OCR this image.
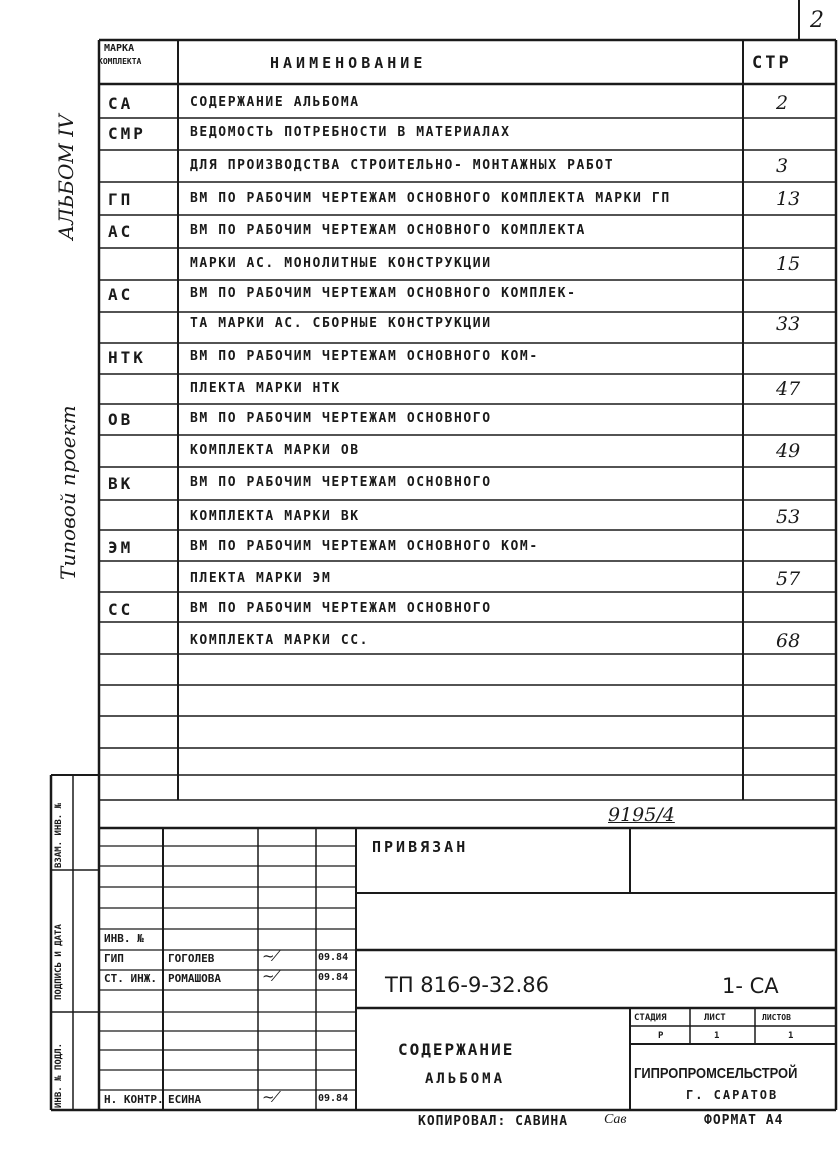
2
МАРКА
КОМПЛЕКТА	НАИМЕНОВАНИЕ	СТР
АЛЬБОМ IV
Типовой проект
СА	СОДЕРЖАНИЕ АЛЬБОМА	2
СМР	ВЕДОМОСТЬ ПОТРЕБНОСТИ В МАТЕРИАЛАХ
ДЛЯ ПРОИЗВОДСТВА СТРОИТЕЛЬНО- МОНТАЖНЫХ РАБОТ	3
ГП	ВМ ПО РАБОЧИМ ЧЕРТЕЖАМ ОСНОВНОГО КОМПЛЕКТА МАРКИ ГП	13
АС	ВМ ПО РАБОЧИМ ЧЕРТЕЖАМ ОСНОВНОГО КОМПЛЕКТА
МАРКИ АС. МОНОЛИТНЫЕ КОНСТРУКЦИИ	15
АС	ВМ ПО РАБОЧИМ ЧЕРТЕЖАМ ОСНОВНОГО КОМПЛЕК-
ТА МАРКИ АС. СБОРНЫЕ КОНСТРУКЦИИ	33
НТК	ВМ ПО РАБОЧИМ ЧЕРТЕЖАМ ОСНОВНОГО КОМ-
ПЛЕКТА МАРКИ НТК	47
ОВ	ВМ ПО РАБОЧИМ ЧЕРТЕЖАМ ОСНОВНОГО
КОМПЛЕКТА МАРКИ ОВ	49
ВК	ВМ ПО РАБОЧИМ ЧЕРТЕЖАМ ОСНОВНОГО
КОМПЛЕКТА МАРКИ ВК	53
ЭМ	ВМ ПО РАБОЧИМ ЧЕРТЕЖАМ ОСНОВНОГО КОМ-
ПЛЕКТА МАРКИ ЭМ	57
СС	ВМ ПО РАБОЧИМ ЧЕРТЕЖАМ ОСНОВНОГО
КОМПЛЕКТА МАРКИ СС.	68
9195/4
ПРИВЯЗАН
ИНВ. №
ГИП	ГОГОЛЕВ	09.84
~⁄
СТ. ИНЖ. РОМАШОВА	09.84
~⁄
Н. КОНТР. ЕСИНА	09.84
~⁄
ТП 816-9-32.86	1- СА
СОДЕРЖАНИЕ
АЛЬБОМА
СТАДИЯ	ЛИСТ	ЛИСТОВ
Р	1	1
ГИПРОПРОМСЕЛЬСТРОЙ
Г. САРАТОВ
ИНВ. № ПОДЛ.
ПОДПИСЬ И ДАТА
ВЗАМ. ИНВ. №
КОПИРОВАЛ: САВИНА	Сав	ФОРМАТ А4
